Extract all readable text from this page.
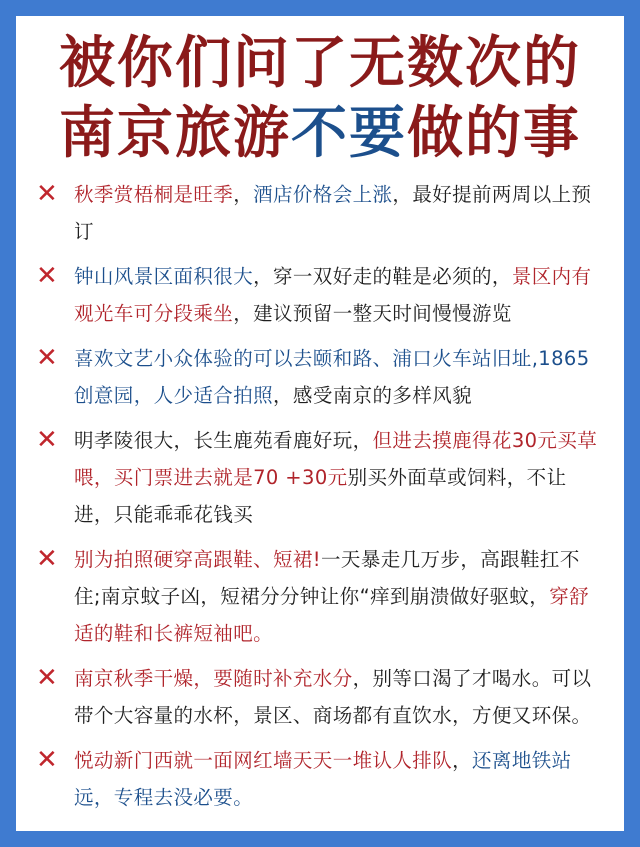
被你们问了无数次的
南京旅游不要做的事
✕ 秋季赏梧桐是旺季，酒店价格会上涨，最好提前两周以上预订
✕ 钟山风景区面积很大，穿一双好走的鞋是必须的，景区内有观光车可分段乘坐，建议预留一整天时间慢慢游览
✕ 喜欢文艺小众体验的可以去颐和路、浦口火车站旧址,1865创意园，人少适合拍照，感受南京的多样风貌
✕ 明孝陵很大，长生鹿苑看鹿好玩，但进去摸鹿得花30元买草喂，买门票进去就是70 +30元别买外面草或饲料，不让进，只能乖乖花钱买
✕ 别为拍照硬穿高跟鞋、短裙!一天暴走几万步，高跟鞋扛不住;南京蚊子凶，短裙分分钟让你“痒到崩溃做好驱蚊，穿舒适的鞋和长裤短袖吧。
✕ 南京秋季干燥，要随时补充水分，别等口渴了才喝水。可以带个大容量的水杯，景区、商场都有直饮水，方便又环保。
✕ 悦动新门西就一面网红墙天天一堆认人排队，还离地铁站远，专程去没必要。
